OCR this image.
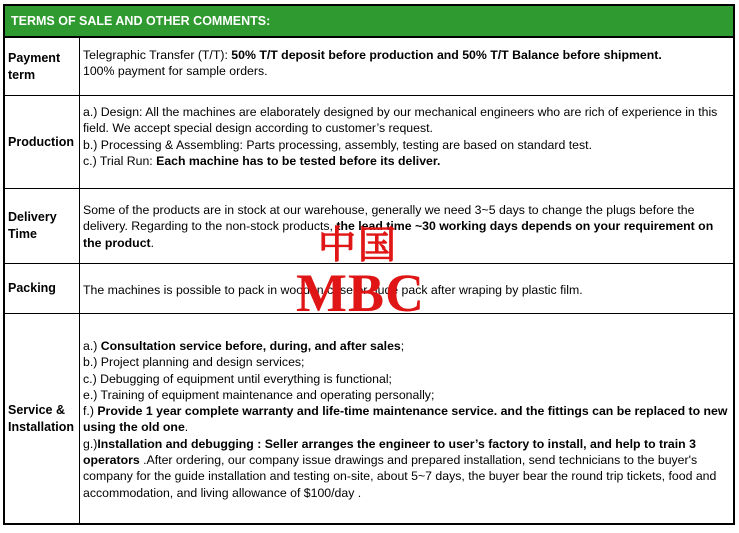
TERMS OF SALE AND OTHER COMMENTS:
Payment term

Telegraphic Transfer (T/T): 50% T/T deposit before production and 50% T/T Balance before shipment.

100% payment for sample orders.

Production

a.) Design: All the machines are elaborately designed by our mechanical engineers who are rich of experience in this field. We accept special design according to customer’s request.

b.) Processing & Assembling: Parts processing, assembly, testing are based on standard test.

c.) Trial Run: Each machine has to be tested before its deliver.

Delivery Time

Some of the products are in stock at our warehouse, generally we need 3~5 days to change the plugs before the delivery. Regarding to the non-stock products, the lead time ~30 working days depends on your requirement on the product.

Packing	The machines is possible to pack in wooden case or nude pack after wraping by plastic film.
Service & Installation

a.) Consultation service before, during, and after sales;

b.) Project planning and design services;

c.) Debugging of equipment until everything is functional;

e.) Training of equipment maintenance and operating personally;

f.) Provide 1 year complete warranty and life-time maintenance service. and the fittings can be replaced to new using the old one.

g.)Installation and debugging : Seller arranges the engineer to user’s factory to install, and help to train 3 operators .After ordering, our company issue drawings and prepared installation, send technicians to the buyer's company for the guide installation and testing on-site, about 5~7 days, the buyer bear the round trip tickets, food and accommodation, and living allowance of $100/day .

中国
MBC
